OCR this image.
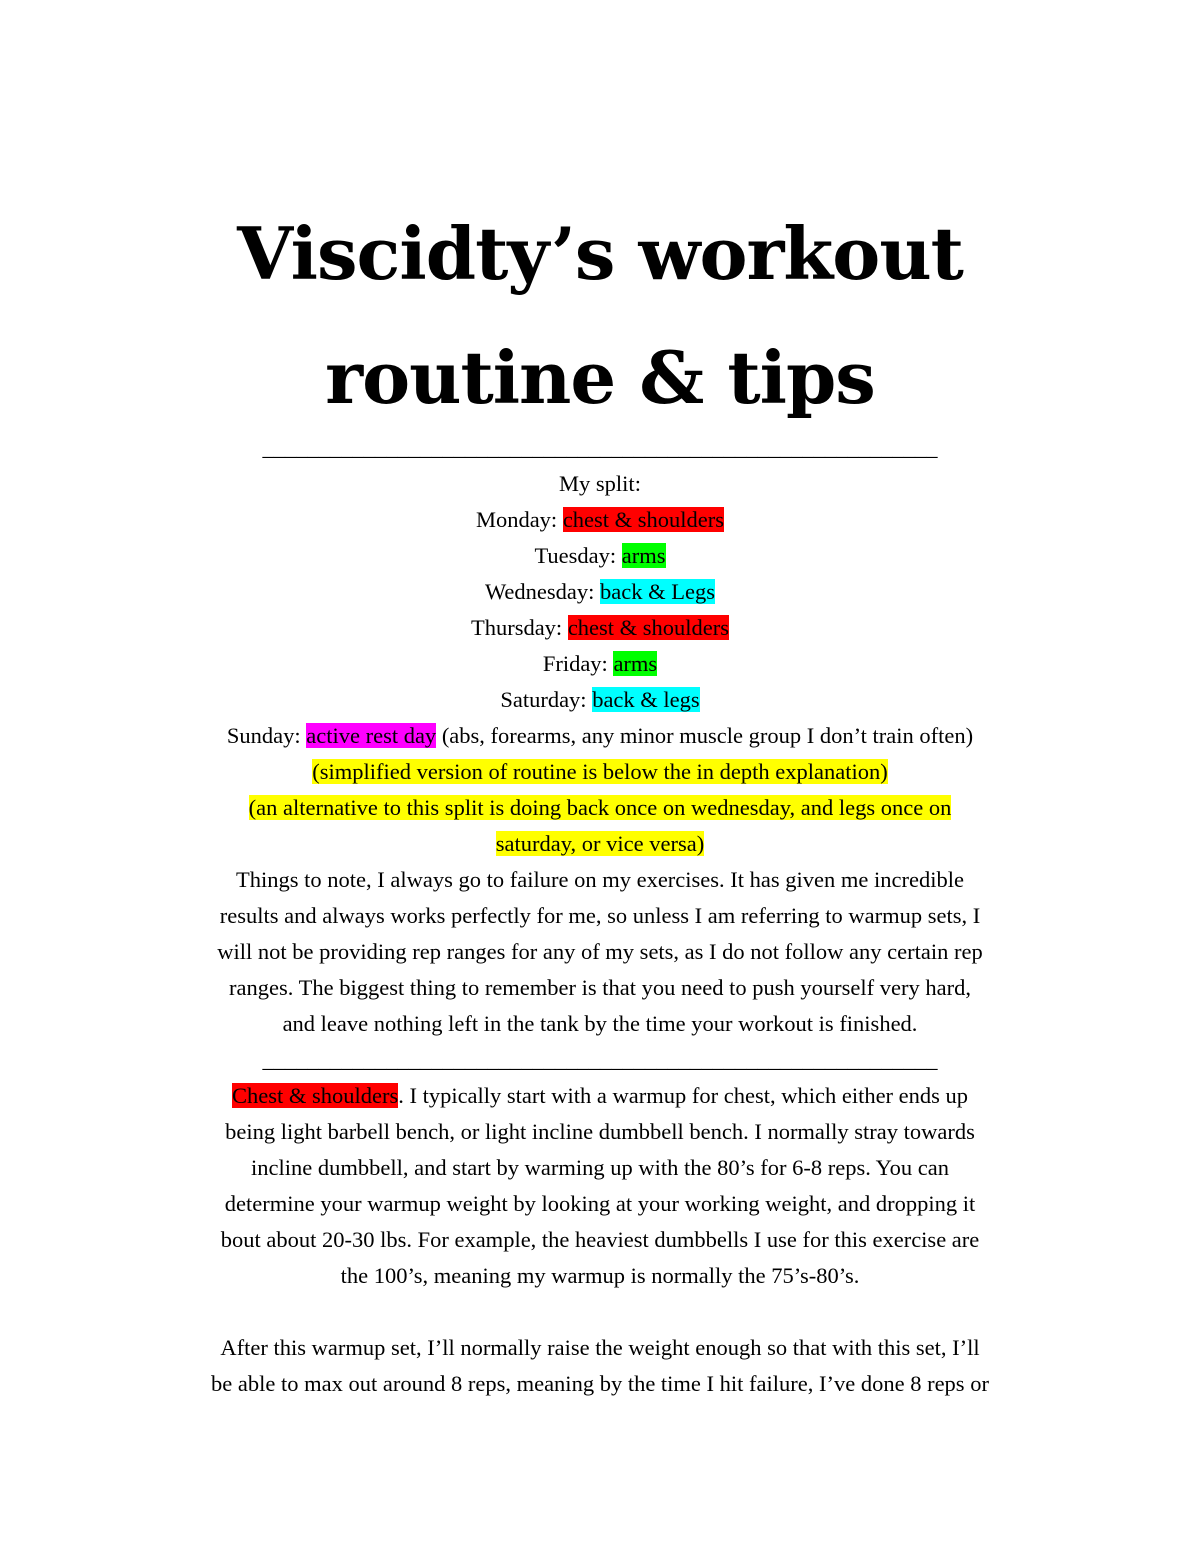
Viscidty’s workout
routine & tips
____________________________________________________________
My split:
Monday: chest & shoulders
Tuesday: arms
Wednesday: back & Legs
Thursday: chest & shoulders
Friday: arms
Saturday: back & legs
Sunday: active rest day (abs, forearms, any minor muscle group I don’t train often)
(simplified version of routine is below the in depth explanation)
(an alternative to this split is doing back once on wednesday, and legs once on
saturday, or vice versa)
Things to note, I always go to failure on my exercises. It has given me incredible
results and always works perfectly for me, so unless I am referring to warmup sets, I
will not be providing rep ranges for any of my sets, as I do not follow any certain rep
ranges. The biggest thing to remember is that you need to push yourself very hard,
and leave nothing left in the tank by the time your workout is finished.
____________________________________________________________
Chest & shoulders. I typically start with a warmup for chest, which either ends up
being light barbell bench, or light incline dumbbell bench. I normally stray towards
incline dumbbell, and start by warming up with the 80’s for 6-8 reps. You can
determine your warmup weight by looking at your working weight, and dropping it
bout about 20-30 lbs. For example, the heaviest dumbbells I use for this exercise are
the 100’s, meaning my warmup is normally the 75’s-80’s.
After this warmup set, I’ll normally raise the weight enough so that with this set, I’ll
be able to max out around 8 reps, meaning by the time I hit failure, I’ve done 8 reps or
